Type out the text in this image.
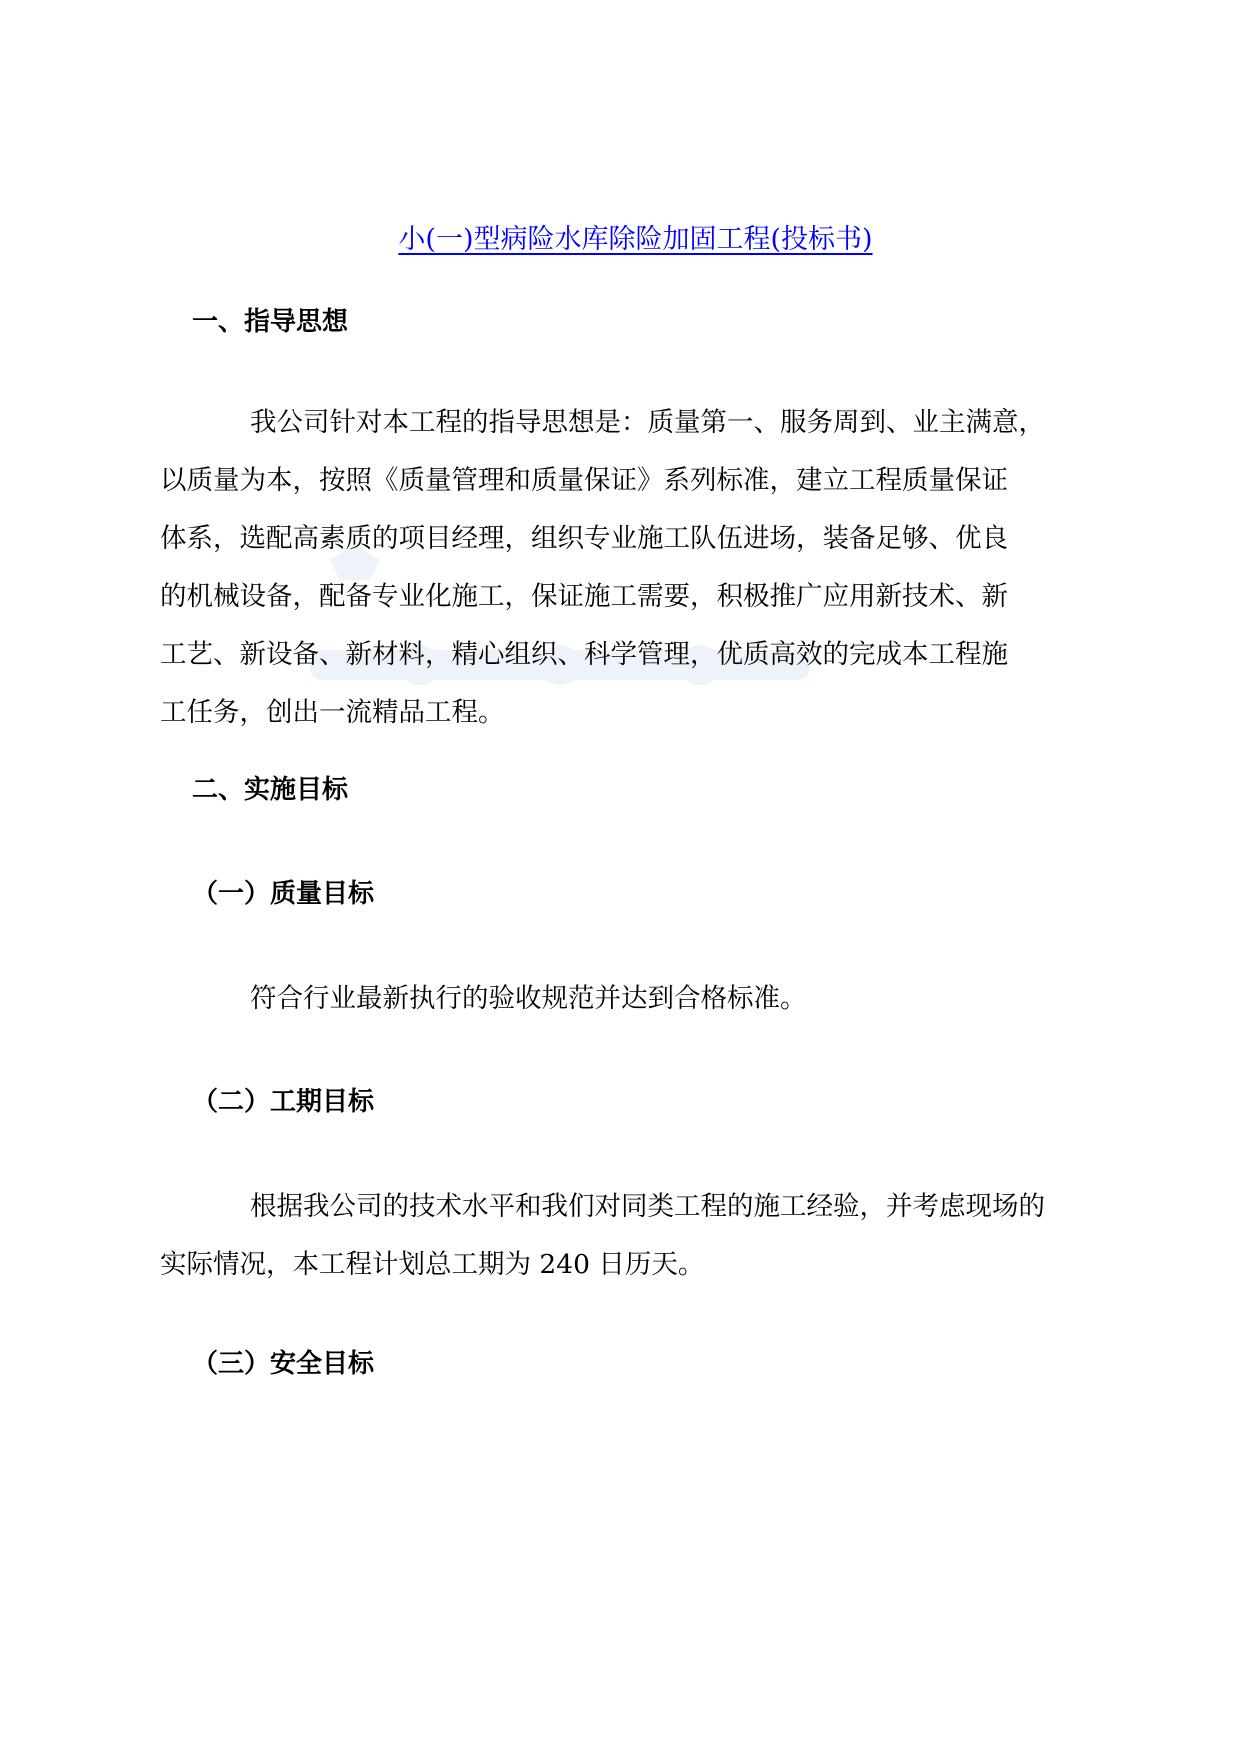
小(一)型病险水库除险加固工程(投标书)
一、指导思想
我公司针对本工程的指导思想是：质量第一、服务周到、业主满意，
以质量为本，按照《质量管理和质量保证》系列标准，建立工程质量保证
体系，选配高素质的项目经理，组织专业施工队伍进场，装备足够、优良
的机械设备，配备专业化施工，保证施工需要，积极推广应用新技术、新
工艺、新设备、新材料，精心组织、科学管理，优质高效的完成本工程施
工任务，创出一流精品工程。
二、实施目标
（一）质量目标
符合行业最新执行的验收规范并达到合格标准。
（二）工期目标
根据我公司的技术水平和我们对同类工程的施工经验，并考虑现场的
实际情况，本工程计划总工期为 240 日历天。
（三）安全目标
